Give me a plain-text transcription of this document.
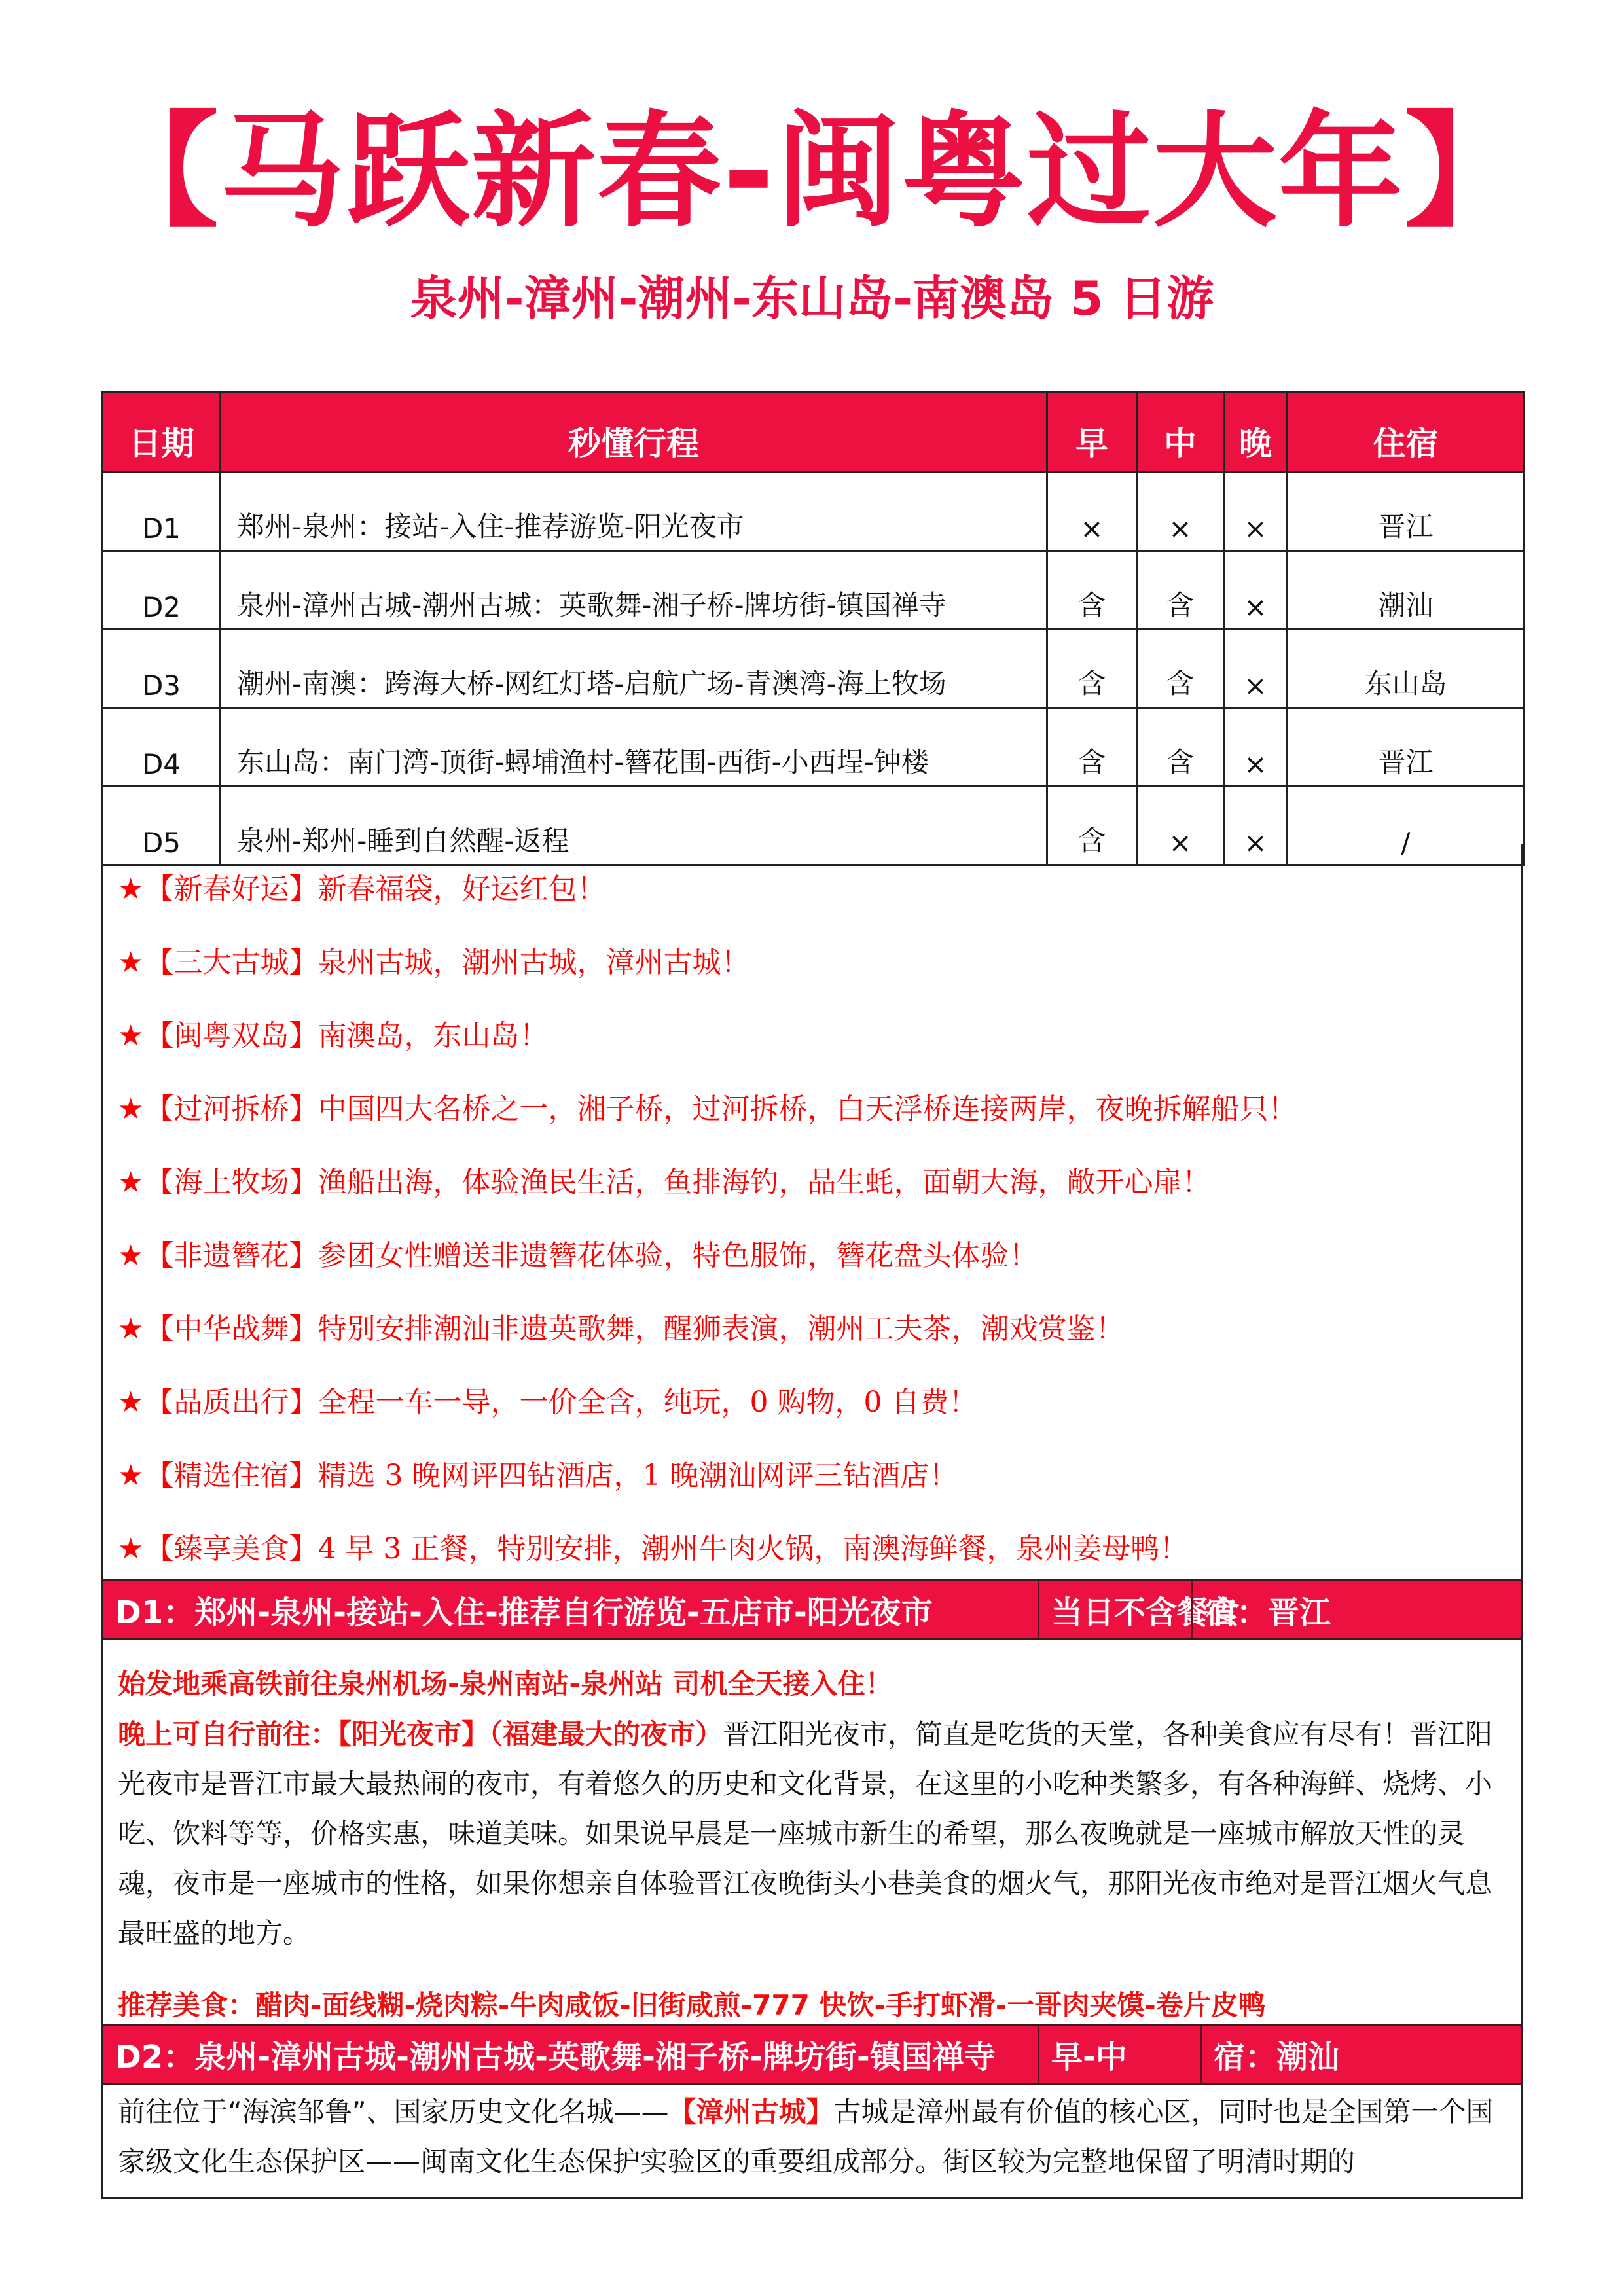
【马跃新春-闽粤过大年】
泉州-漳州-潮州-东山岛-南澳岛 5 日游
日期	秒懂行程	早	中	晚	住宿
D1	郑州-泉州：接站-入住-推荐游览-阳光夜市	×	×	×	晋江
D2	泉州-漳州古城-潮州古城：英歌舞-湘子桥-牌坊街-镇国禅寺	含	含	×	潮汕
D3	潮州-南澳：跨海大桥-网红灯塔-启航广场-青澳湾-海上牧场	含	含	×	东山岛
D4	东山岛：南门湾-顶街-蟳埔渔村-簪花围-西街-小西埕-钟楼	含	含	×	晋江
D5	泉州-郑州-睡到自然醒-返程	含	×	×	/
★【新春好运】新春福袋，好运红包！
★【三大古城】泉州古城，潮州古城，漳州古城！
★【闽粤双岛】南澳岛，东山岛！
★【过河拆桥】中国四大名桥之一，湘子桥，过河拆桥，白天浮桥连接两岸，夜晚拆解船只！
★【海上牧场】渔船出海，体验渔民生活，鱼排海钓，品生蚝，面朝大海，敞开心扉！
★【非遗簪花】参团女性赠送非遗簪花体验，特色服饰，簪花盘头体验！
★【中华战舞】特别安排潮汕非遗英歌舞，醒狮表演，潮州工夫茶，潮戏赏鉴！
★【品质出行】全程一车一导，一价全含，纯玩，0 购物，0 自费！
★【精选住宿】精选 3 晚网评四钻酒店，1 晚潮汕网评三钻酒店！
★【臻享美食】4 早 3 正餐，特别安排，潮州牛肉火锅，南澳海鲜餐，泉州姜母鸭！
D1：郑州-泉州-接站-入住-推荐自行游览-五店市-阳光夜市	当日不含餐食
宿：晋江
始发地乘高铁前往泉州机场-泉州南站-泉州站 司机全天接入住！
晚上可自行前往：【阳光夜市】（福建最大的夜市）晋江阳光夜市，简直是吃货的天堂，各种美食应有尽有！晋江阳光夜市是晋江市最大最热闹的夜市，有着悠久的历史和文化背景，在这里的小吃种类繁多，有各种海鲜、烧烤、小吃、饮料等等，价格实惠，味道美味。如果说早晨是一座城市新生的希望，那么夜晚就是一座城市解放天性的灵魂，夜市是一座城市的性格，如果你想亲自体验晋江夜晚街头小巷美食的烟火气，那阳光夜市绝对是晋江烟火气息最旺盛的地方。
推荐美食：醋肉-面线糊-烧肉粽-牛肉咸饭-旧街咸煎-777 快饮-手打虾滑-一哥肉夹馍-卷片皮鸭
D2：泉州-漳州古城-潮州古城-英歌舞-湘子桥-牌坊街-镇国禅寺	早-中	宿：潮汕
前往位于“海滨邹鲁”、国家历史文化名城——【漳州古城】古城是漳州最有价值的核心区，同时也是全国第一个国家级文化生态保护区——闽南文化生态保护实验区的重要组成部分。街区较为完整地保留了明清时期的
